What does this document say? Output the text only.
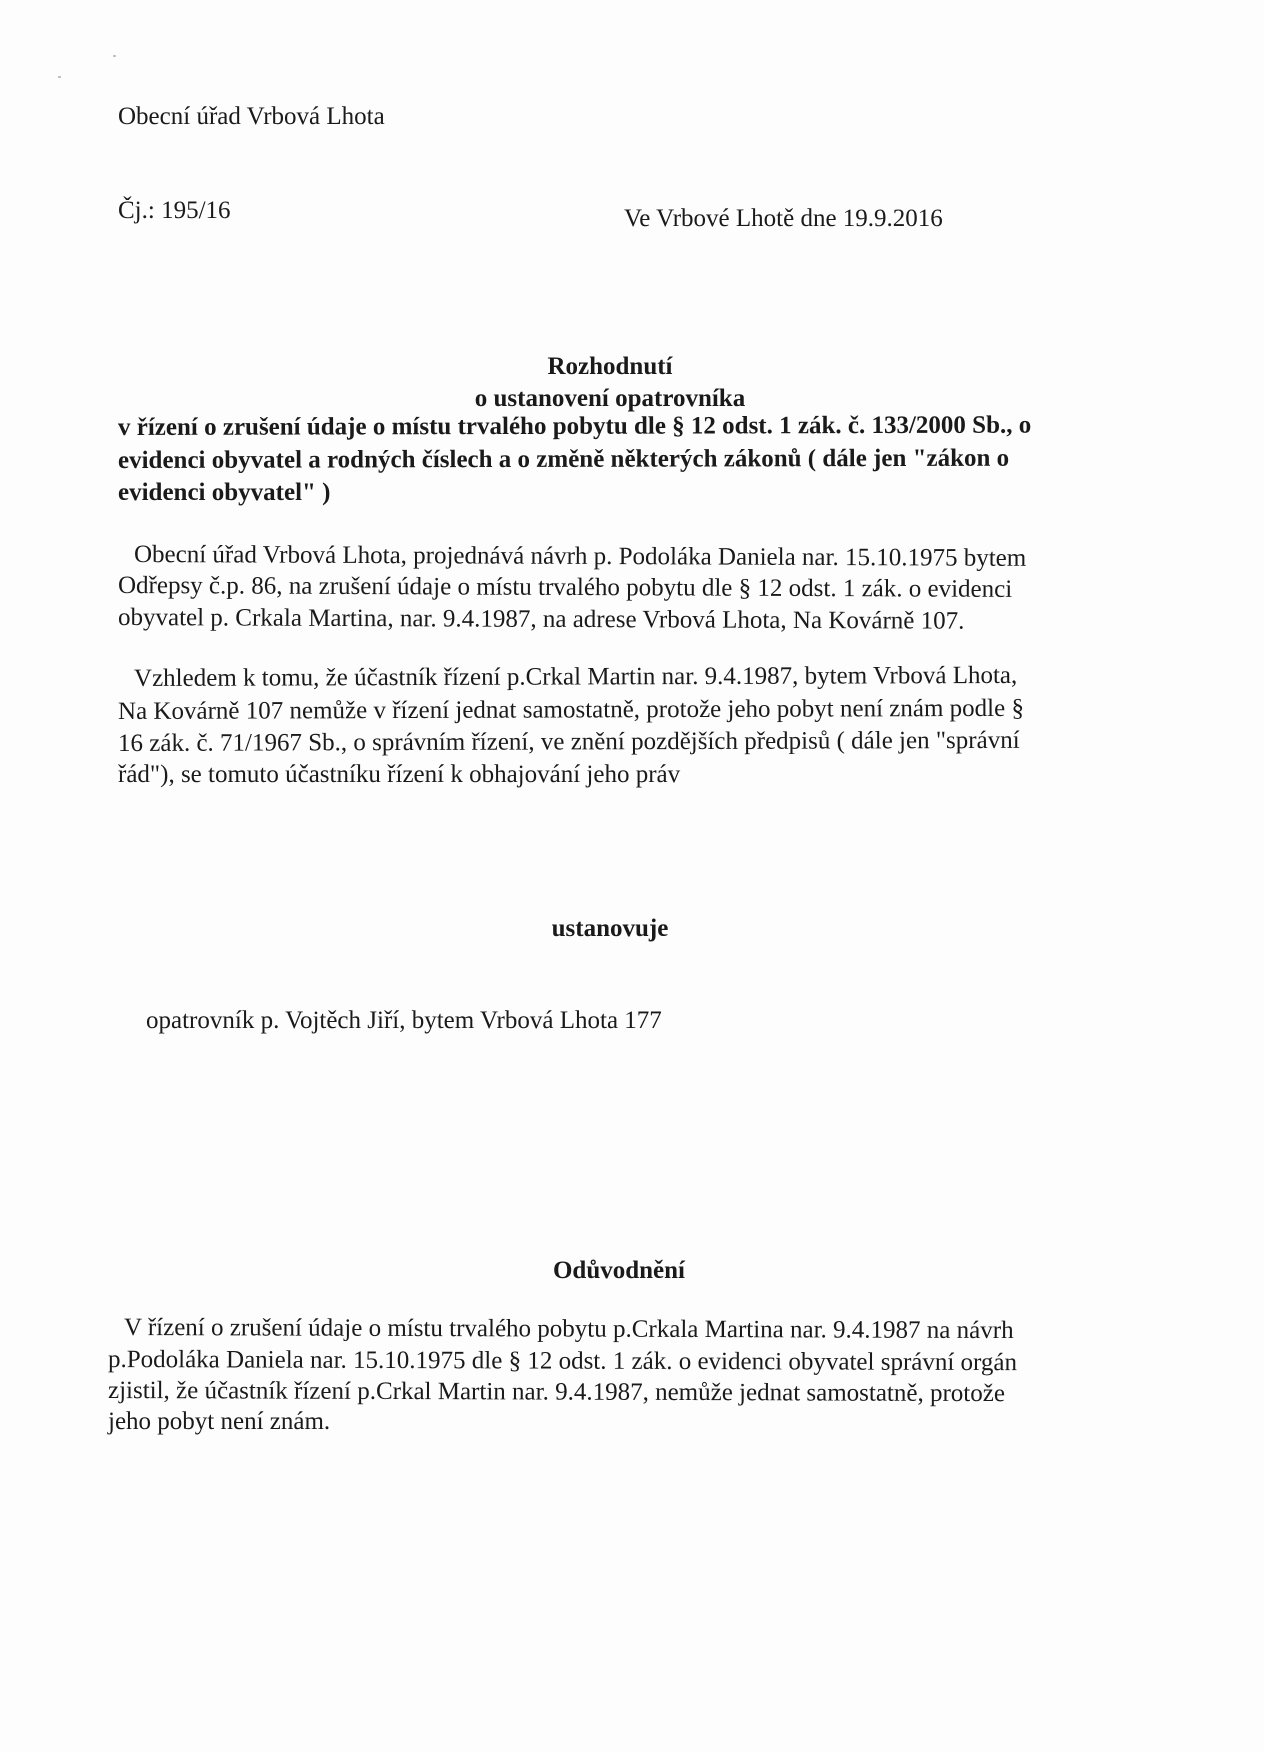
Obecní úřad Vrbová Lhota
Čj.: 195/16	Ve Vrbové Lhotě dne 19.9.2016
Rozhodnutí
o ustanovení opatrovníka
v řízení o zrušení údaje o místu trvalého pobytu dle § 12 odst. 1 zák. č. 133/2000 Sb., o
evidenci obyvatel a rodných číslech a o změně některých zákonů ( dále jen "zákon o
evidenci obyvatel" )
Obecní úřad Vrbová Lhota, projednává návrh p. Podoláka Daniela nar. 15.10.1975 bytem
Odřepsy č.p. 86, na zrušení údaje o místu trvalého pobytu dle § 12 odst. 1 zák. o evidenci
obyvatel p. Crkala Martina, nar. 9.4.1987, na adrese Vrbová Lhota, Na Kovárně 107.
Vzhledem k tomu, že účastník řízení p.Crkal Martin nar. 9.4.1987, bytem Vrbová Lhota,
Na Kovárně 107 nemůže v řízení jednat samostatně, protože jeho pobyt není znám podle §
16 zák. č. 71/1967 Sb., o správním řízení, ve znění pozdějších předpisů ( dále jen "správní
řád"), se tomuto účastníku řízení k obhajování jeho práv
ustanovuje
opatrovník p. Vojtěch Jiří, bytem Vrbová Lhota 177
Odůvodnění
V řízení o zrušení údaje o místu trvalého pobytu p.Crkala Martina nar. 9.4.1987 na návrh
p.Podoláka Daniela nar. 15.10.1975 dle § 12 odst. 1 zák. o evidenci obyvatel správní orgán
zjistil, že účastník řízení p.Crkal Martin nar. 9.4.1987, nemůže jednat samostatně, protože
jeho pobyt není znám.
